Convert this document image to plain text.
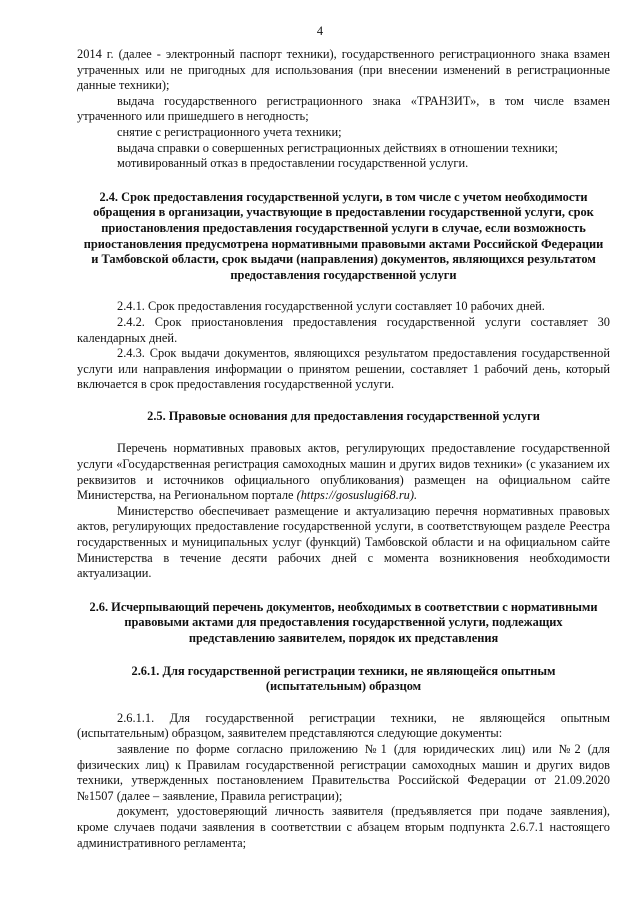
4

2014 г. (далее - электронный паспорт техники), государственного регистрационного знака взамен утраченных или не пригодных для использования (при внесении изменений в регистрационные данные техники);

выдача государственного регистрационного знака «ТРАНЗИТ», в том числе взамен утраченного или пришедшего в негодность;

снятие с регистрационного учета техники;

выдача справки о совершенных регистрационных действиях в отношении техники;

мотивированный отказ в предоставлении государственной услуги.

2.4. Срок предоставления государственной услуги, в том числе с учетом необходимости обращения в организации, участвующие в предоставлении государственной услуги, срок приостановления предоставления государственной услуги в случае, если возможность приостановления предусмотрена нормативными правовыми актами Российской Федерации и Тамбовской области, срок выдачи (направления) документов, являющихся результатом предоставления государственной услуги

2.4.1. Срок предоставления государственной услуги составляет 10 рабочих дней.

2.4.2. Срок приостановления предоставления государственной услуги составляет 30 календарных дней.

2.4.3. Срок выдачи документов, являющихся результатом предоставления государственной услуги или направления информации о принятом решении, составляет 1 рабочий день, который включается в срок предоставления государственной услуги.

2.5. Правовые основания для предоставления государственной услуги

Перечень нормативных правовых актов, регулирующих предоставление государственной услуги «Государственная регистрация самоходных машин и других видов техники» (с указанием их реквизитов и источников официального опубликования) размещен на официальном сайте Министерства, на Региональном портале (https://gosuslugi68.ru).

Министерство обеспечивает размещение и актуализацию перечня нормативных правовых актов, регулирующих предоставление государственной услуги, в соответствующем разделе Реестра государственных и муниципальных услуг (функций) Тамбовской области и на официальном сайте Министерства в течение десяти рабочих дней с момента возникновения необходимости актуализации.

2.6. Исчерпывающий перечень документов, необходимых в соответствии с нормативными правовыми актами для предоставления государственной услуги, подлежащих представлению заявителем, порядок их представления

2.6.1. Для государственной регистрации техники, не являющейся опытным (испытательным) образцом

2.6.1.1. Для государственной регистрации техники, не являющейся опытным (испытательным) образцом, заявителем представляются следующие документы:

заявление по форме согласно приложению №1 (для юридических лиц) или №2 (для физических лиц) к Правилам государственной регистрации самоходных машин и других видов техники, утвержденных постановлением Правительства Российской Федерации от 21.09.2020 №1507 (далее – заявление, Правила регистрации);

документ, удостоверяющий личность заявителя (предъявляется при подаче заявления), кроме случаев подачи заявления в соответствии с абзацем вторым подпункта 2.6.7.1 настоящего административного регламента;
